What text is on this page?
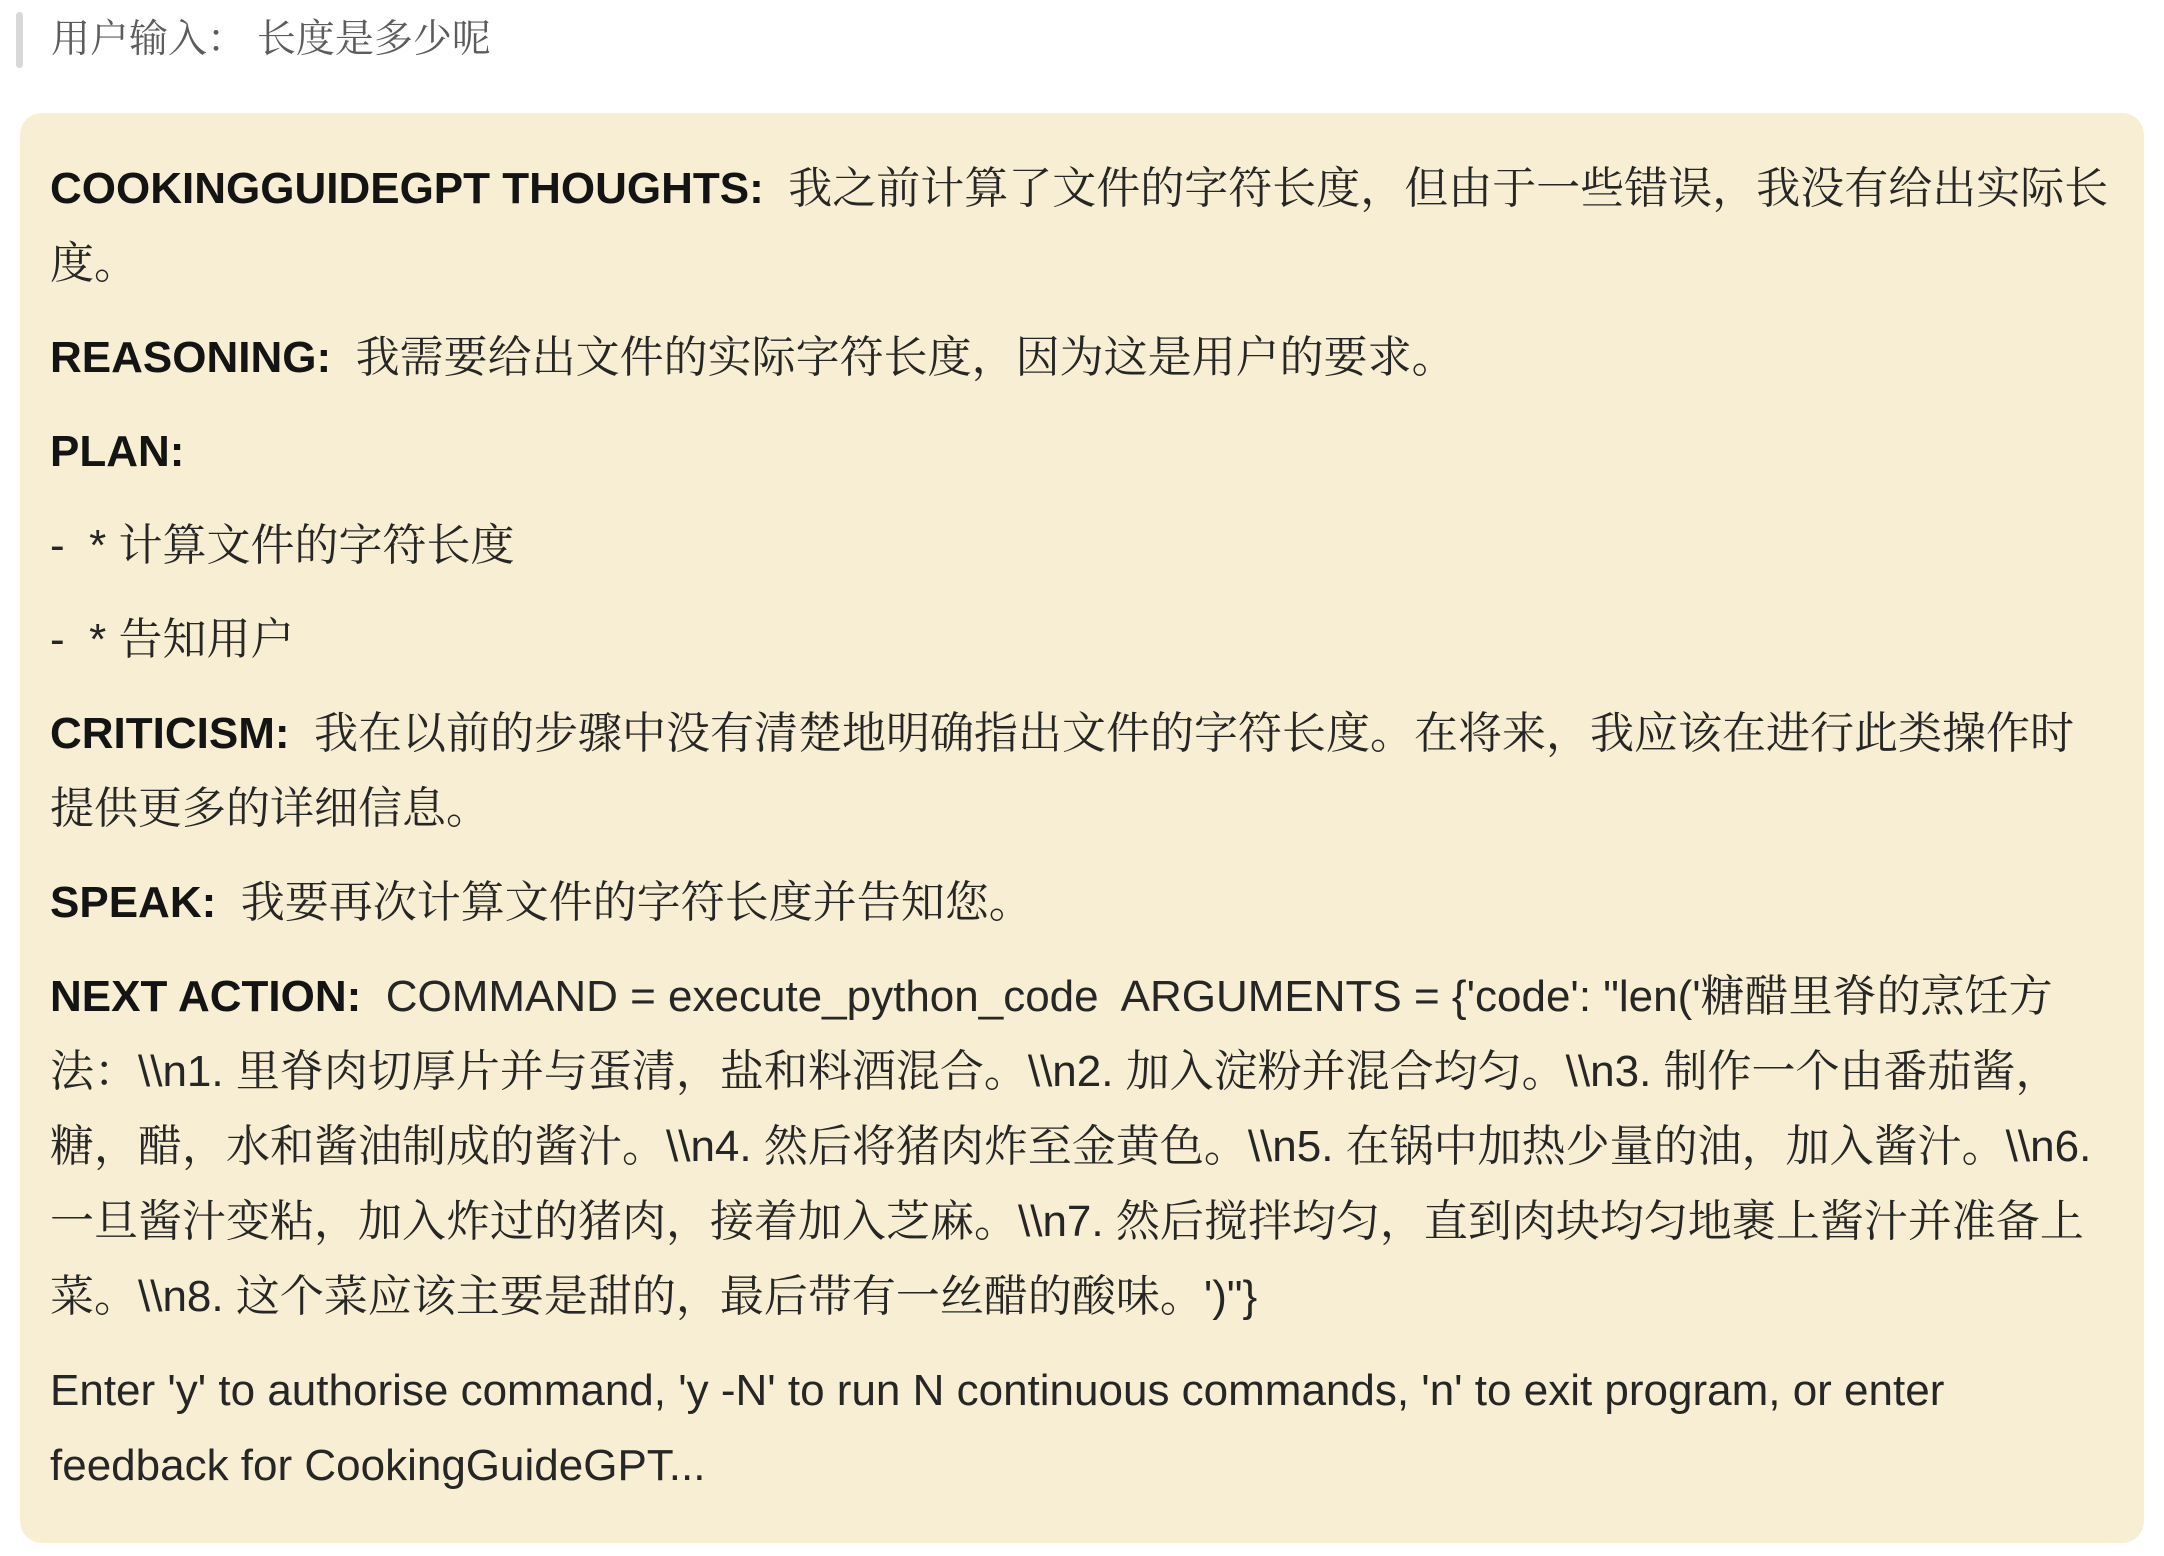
用户输入： 长度是多少呢

COOKINGGUIDEGPT THOUGHTS:  我之前计算了文件的字符长度，但由于一些错误，我没有给出实际长度。

REASONING:  我需要给出文件的实际字符长度，因为这是用户的要求。

PLAN:

-  * 计算文件的字符长度

-  * 告知用户

CRITICISM:  我在以前的步骤中没有清楚地明确指出文件的字符长度。在将来，我应该在进行此类操作时提供更多的详细信息。

SPEAK:  我要再次计算文件的字符长度并告知您。

NEXT ACTION:  COMMAND = execute_python_code  ARGUMENTS = {'code': "len('糖醋里脊的烹饪方法：\\n1. 里脊肉切厚片并与蛋清，盐和料酒混合。\\n2. 加入淀粉并混合均匀。\\n3. 制作一个由番茄酱，糖，醋，水和酱油制成的酱汁。\\n4. 然后将猪肉炸至金黄色。\\n5. 在锅中加热少量的油，加入酱汁。\\n6. 一旦酱汁变粘，加入炸过的猪肉，接着加入芝麻。\\n7. 然后搅拌均匀，直到肉块均匀地裹上酱汁并准备上菜。\\n8. 这个菜应该主要是甜的，最后带有一丝醋的酸味。')"}

Enter 'y' to authorise command, 'y -N' to run N continuous commands, 'n' to exit program, or enter feedback for CookingGuideGPT...
